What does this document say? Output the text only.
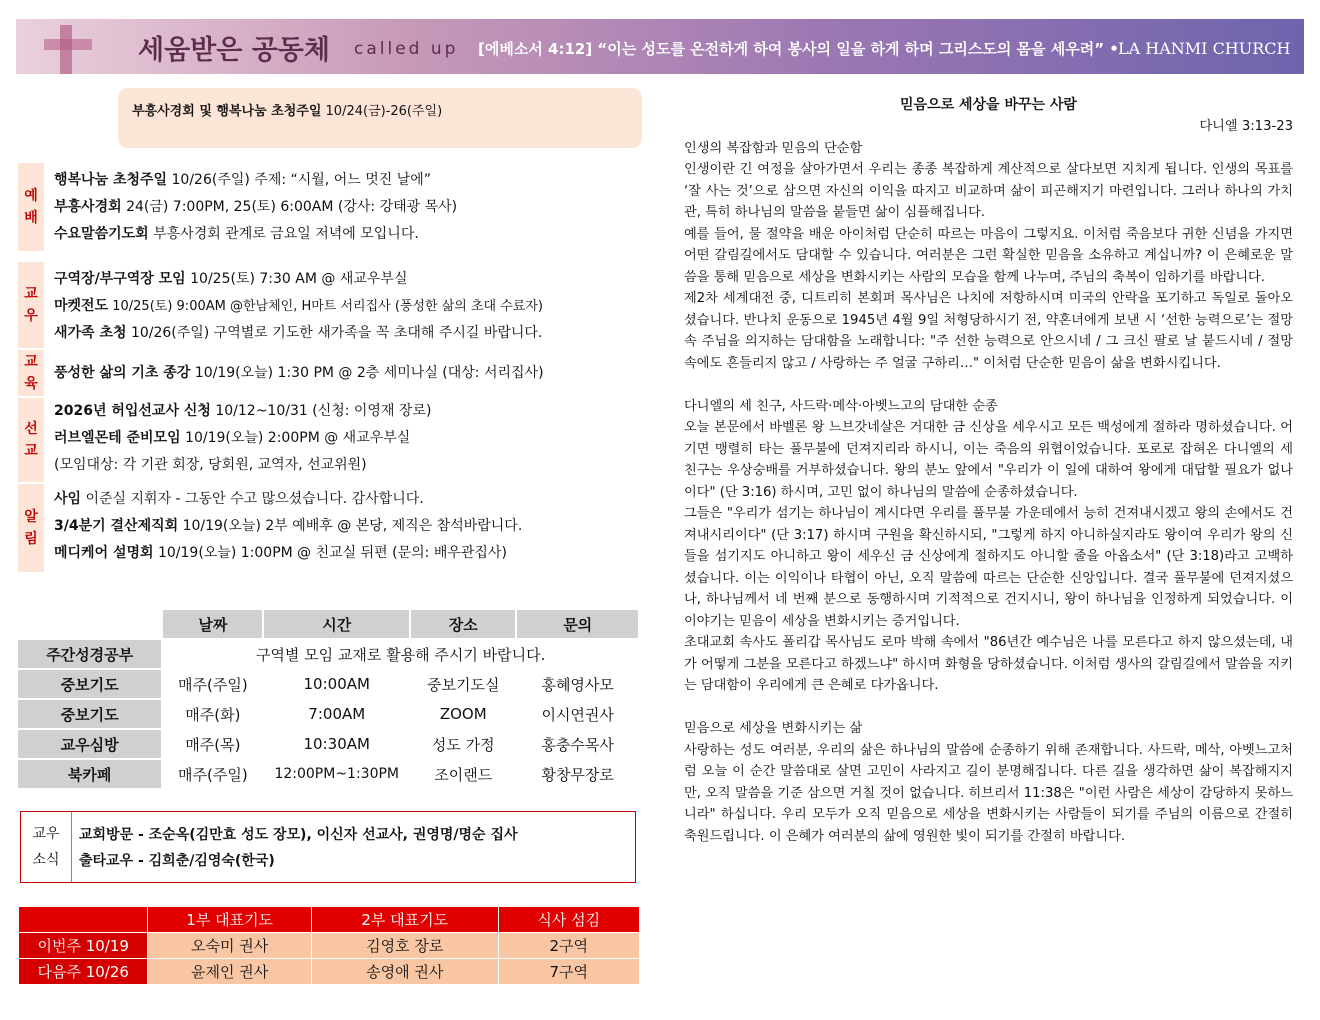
세움받은 공동체 called up [에베소서 4:12] “이는 성도를 온전하게 하여 봉사의 일을 하게 하며 그리스도의 몸을 세우려” • LA HANMI CHURCH
부흥사경회 및 행복나눔 초청주일 10/24(금)-26(주일)
예
배
행복나눔 초청주일 10/26(주일) 주제: “시월, 어느 멋진 날에”
부흥사경회 24(금) 7:00PM, 25(토) 6:00AM (강사: 강태광 목사)
수요말씀기도회 부흥사경회 관계로 금요일 저녁에 모입니다.
교
우
구역장/부구역장 모임 10/25(토) 7:30 AM @ 새교우부실
마켓전도 10/25(토) 9:00AM @한남체인, H마트 서리집사 (풍성한 삶의 초대 수료자)
새가족 초청 10/26(주일) 구역별로 기도한 새가족을 꼭 초대해 주시길 바랍니다.
교
육
풍성한 삶의 기초 종강 10/19(오늘) 1:30 PM @ 2층 세미나실 (대상: 서리집사)
선
교
2026년 허입선교사 신청 10/12~10/31 (신청: 이영재 장로)
러브엘몬테 준비모임 10/19(오늘) 2:00PM @ 새교우부실
(모임대상: 각 기관 회장, 당회원, 교역자, 선교위원)
알
림
사임 이준실 지휘자 - 그동안 수고 많으셨습니다. 감사합니다.
3/4분기 결산제직회 10/19(오늘) 2부 예배후 @ 본당, 제직은 참석바랍니다.
메디케어 설명회 10/19(오늘) 1:00PM @ 친교실 뒤편 (문의: 배우관집사)
	날짜	시간	장소	문의
주간성경공부	구역별 모임 교재로 활용해 주시기 바랍니다.			
중보기도	매주(주일)	10:00AM	중보기도실	홍혜영사모
중보기도	매주(화)	7:00AM	ZOOM	이시연권사
교우심방	매주(목)	10:30AM	성도 가정	홍충수목사
북카페	매주(주일)	12:00PM~1:30PM	조이랜드	황창무장로
교우
소식
교회방문 - 조순옥(김만효 성도 장모), 이신자 선교사, 권영명/명순 집사
출타교우 - 김희춘/김영숙(한국)
	1부 대표기도	2부 대표기도	식사 섬김
이번주 10/19	오숙미 권사	김영호 장로	2구역
다음주 10/26	윤제인 권사	송영애 권사	7구역
믿음으로 세상을 바꾸는 사람
다니엘 3:13-23

인생의 복잡함과 믿음의 단순함

인생이란 긴 여정을 살아가면서 우리는 종종 복잡하게 계산적으로 살다보면 지치게 됩니다. 인생의 목표를 ‘잘 사는 것’으로 삼으면 자신의 이익을 따지고 비교하며 삶이 피곤해지기 마련입니다. 그러나 하나의 가치관, 특히 하나님의 말씀을 붙들면 삶이 심플해집니다.

예를 들어, 물 절약을 배운 아이처럼 단순히 따르는 마음이 그렇지요. 이처럼 죽음보다 귀한 신념을 가지면 어떤 갈림길에서도 담대할 수 있습니다. 여러분은 그런 확실한 믿음을 소유하고 계십니까? 이 은혜로운 말씀을 통해 믿음으로 세상을 변화시키는 사람의 모습을 함께 나누며, 주님의 축복이 임하기를 바랍니다.

제2차 세계대전 중, 디트리히 본회퍼 목사님은 나치에 저항하시며 미국의 안락을 포기하고 독일로 돌아오셨습니다. 반나치 운동으로 1945년 4월 9일 처형당하시기 전, 약혼녀에게 보낸 시 ‘선한 능력으로’는 절망 속 주님을 의지하는 담대함을 노래합니다: "주 선한 능력으로 안으시네 / 그 크신 팔로 날 붙드시네 / 절망 속에도 흔들리지 않고 / 사랑하는 주 얼굴 구하리…" 이처럼 단순한 믿음이 삶을 변화시킵니다.

다니엘의 세 친구, 사드락·메삭·아벳느고의 담대한 순종

오늘 본문에서 바벨론 왕 느브갓네살은 거대한 금 신상을 세우시고 모든 백성에게 절하라 명하셨습니다. 어기면 맹렬히 타는 풀무불에 던져지리라 하시니, 이는 죽음의 위협이었습니다. 포로로 잡혀온 다니엘의 세 친구는 우상숭배를 거부하셨습니다. 왕의 분노 앞에서 "우리가 이 일에 대하여 왕에게 대답할 필요가 없나이다" (단 3:16) 하시며, 고민 없이 하나님의 말씀에 순종하셨습니다.

그들은 "우리가 섬기는 하나님이 계시다면 우리를 풀무불 가운데에서 능히 건져내시겠고 왕의 손에서도 건져내시리이다" (단 3:17) 하시며 구원을 확신하시되, "그렇게 하지 아니하실지라도 왕이여 우리가 왕의 신들을 섬기지도 아니하고 왕이 세우신 금 신상에게 절하지도 아니할 줄을 아옵소서" (단 3:18)라고 고백하셨습니다. 이는 이익이나 타협이 아닌, 오직 말씀에 따르는 단순한 신앙입니다. 결국 풀무불에 던져지셨으나, 하나님께서 네 번째 분으로 동행하시며 기적적으로 건지시니, 왕이 하나님을 인정하게 되었습니다. 이 이야기는 믿음이 세상을 변화시키는 증거입니다.

초대교회 속사도 폴리갑 목사님도 로마 박해 속에서 "86년간 예수님은 나를 모른다고 하지 않으셨는데, 내가 어떻게 그분을 모른다고 하겠느냐" 하시며 화형을 당하셨습니다. 이처럼 생사의 갈림길에서 말씀을 지키는 담대함이 우리에게 큰 은혜로 다가옵니다.

믿음으로 세상을 변화시키는 삶

사랑하는 성도 여러분, 우리의 삶은 하나님의 말씀에 순종하기 위해 존재합니다. 사드락, 메삭, 아벳느고처럼 오늘 이 순간 말씀대로 살면 고민이 사라지고 길이 분명해집니다. 다른 길을 생각하면 삶이 복잡해지지만, 오직 말씀을 기준 삼으면 거칠 것이 없습니다. 히브리서 11:38은 "이런 사람은 세상이 감당하지 못하느니라" 하십니다. 우리 모두가 오직 믿음으로 세상을 변화시키는 사람들이 되기를 주님의 이름으로 간절히 축원드립니다. 이 은혜가 여러분의 삶에 영원한 빛이 되기를 간절히 바랍니다.
